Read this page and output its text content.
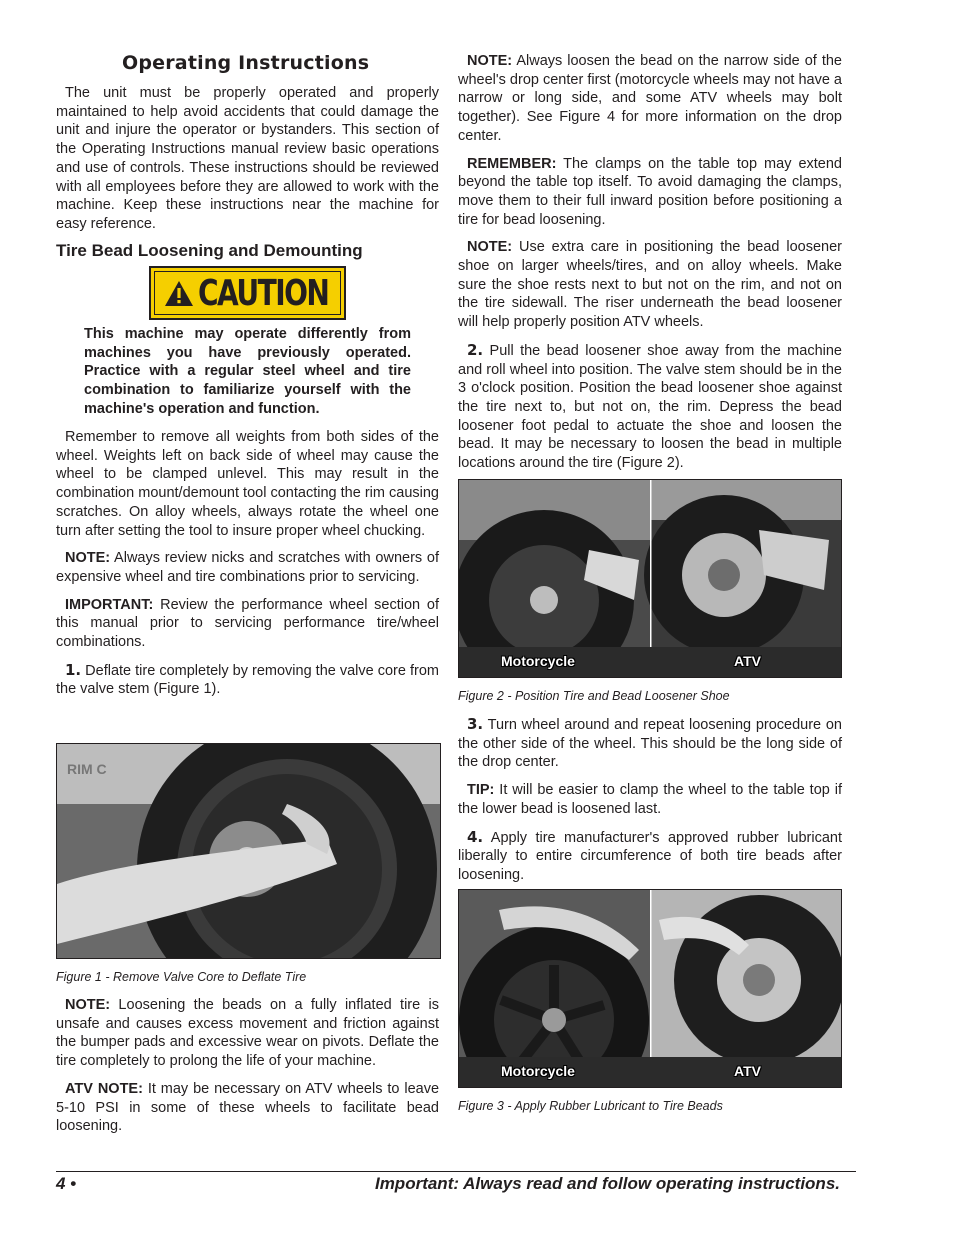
Operating Instructions

The unit must be properly operated and properly maintained to help avoid accidents that could damage the unit and injure the operator or bystanders. This section of the Operating Instructions manual review basic operations and use of controls. These instructions should be reviewed with all employees before they are allowed to work with the machine. Keep these instructions near the machine for easy reference.

Tire Bead Loosening and Demounting
CAUTION

This machine may operate differently from machines you have previously operated. Practice with a regular steel wheel and tire combination to familiarize yourself with the machine's operation and function.

Remember to remove all weights from both sides of the wheel. Weights left on back side of wheel may cause the wheel to be clamped unlevel. This may result in the combination mount/demount tool contacting the rim causing scratches. On alloy wheels, always rotate the wheel one turn after setting the tool to insure proper wheel chucking.

NOTE: Always review nicks and scratches with owners of expensive wheel and tire combinations prior to servicing.

IMPORTANT: Review the performance wheel section of this manual prior to servicing performance tire/wheel combinations.

1. Deflate tire completely by removing the valve core from the valve stem (Figure 1).

RIM C
Figure 1 - Remove Valve Core to Deflate Tire

NOTE: Loosening the beads on a fully inflated tire is unsafe and causes excess movement and friction against the bumper pads and excessive wear on pivots. Deflate the tire completely to prolong the life of your machine.

ATV NOTE: It may be necessary on ATV wheels to leave 5-10 PSI in some of these wheels to facilitate bead loosening.

NOTE: Always loosen the bead on the narrow side of the wheel's drop center first (motorcycle wheels may not have a narrow or long side, and some ATV wheels may bolt together). See Figure 4 for more information on the drop center.

REMEMBER: The clamps on the table top may extend beyond the table top itself. To avoid damaging the clamps, move them to their full inward position before positioning a tire for bead loosening.

NOTE: Use extra care in positioning the bead loosener shoe on larger wheels/tires, and on alloy wheels. Make sure the shoe rests next to but not on the rim, and not on the tire sidewall. The riser underneath the bead loosener will help properly position ATV wheels.

2. Pull the bead loosener shoe away from the machine and roll wheel into position. The valve stem should be in the 3 o'clock position. Position the bead loosener shoe against the tire next to, but not on, the rim. Depress the bead loosener foot pedal to actuate the shoe and loosen the bead. It may be necessary to loosen the bead in multiple locations around the tire (Figure 2).

Motorcycle	ATV
Figure 2 - Position Tire and Bead Loosener Shoe

3. Turn wheel around and repeat loosening procedure on the other side of the wheel. This should be the long side of the drop center.

TIP: It will be easier to clamp the wheel to the table top if the lower bead is loosened last.

4. Apply tire manufacturer's approved rubber lubricant liberally to entire circumference of both tire beads after loosening.

Motorcycle	ATV
Figure 3 - Apply Rubber Lubricant to Tire Beads
4 •	Important: Always read and follow operating instructions.
